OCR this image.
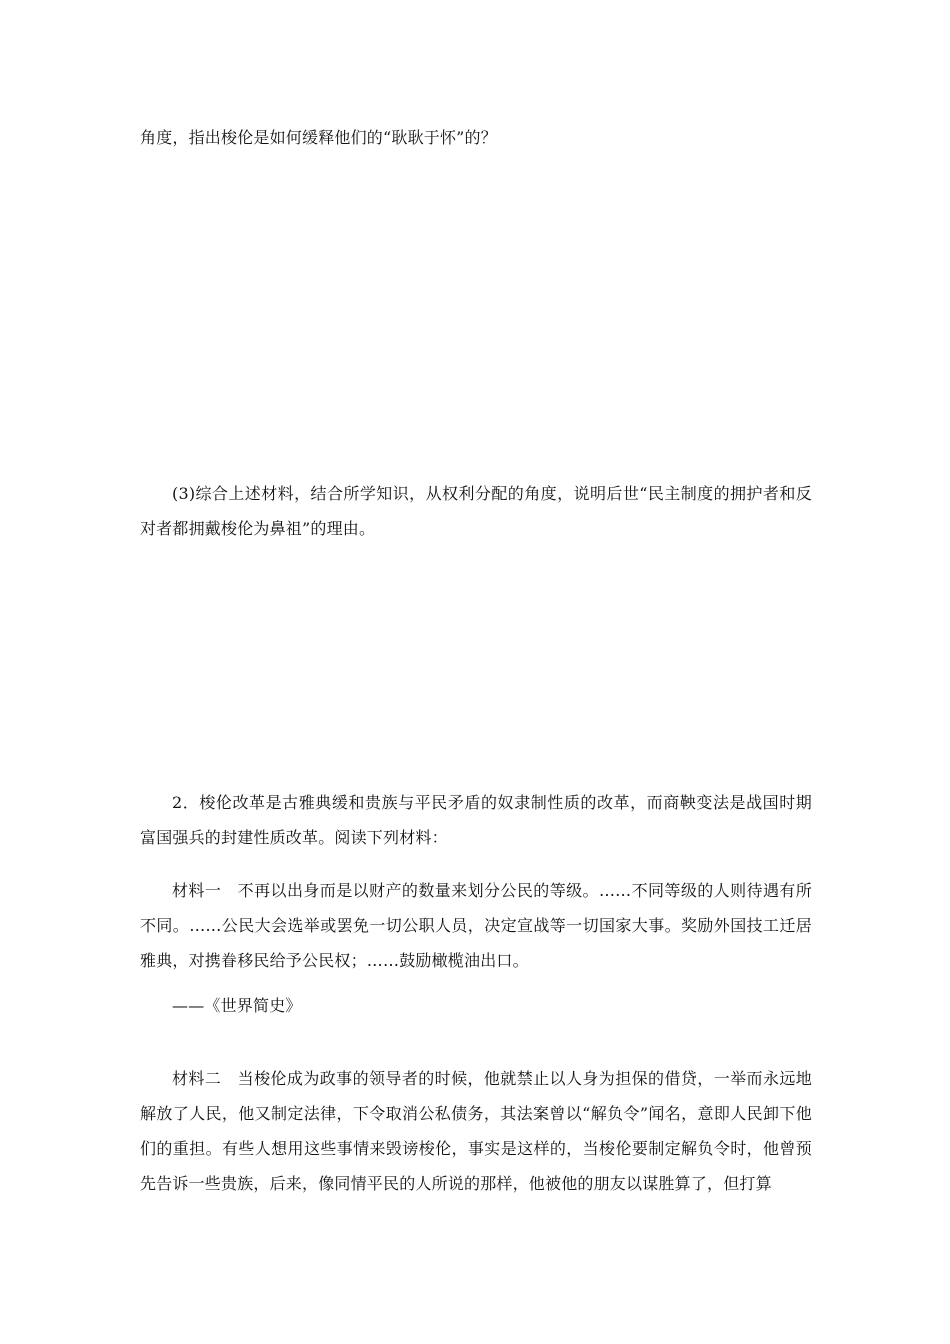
角度，指出梭伦是如何缓释他们的“耿耿于怀”的？

(3)综合上述材料，结合所学知识，从权利分配的角度，说明后世“民主制度的拥护者和反对者都拥戴梭伦为鼻祖”的理由。

2．梭伦改革是古雅典缓和贵族与平民矛盾的奴隶制性质的改革，而商鞅变法是战国时期富国强兵的封建性质改革。阅读下列材料：

材料一　不再以出身而是以财产的数量来划分公民的等级。……不同等级的人则待遇有所不同。……公民大会选举或罢免一切公职人员，决定宣战等一切国家大事。奖励外国技工迁居雅典，对携眷移民给予公民权；……鼓励橄榄油出口。

——《世界简史》

材料二　当梭伦成为政事的领导者的时候，他就禁止以人身为担保的借贷，一举而永远地解放了人民，他又制定法律，下令取消公私债务，其法案曾以“解负令”闻名，意即人民卸下他们的重担。有些人想用这些事情来毁谤梭伦，事实是这样的，当梭伦要制定解负令时，他曾预先告诉一些贵族，后来，像同情平民的人所说的那样，他被他的朋友以谋胜算了，但打算
